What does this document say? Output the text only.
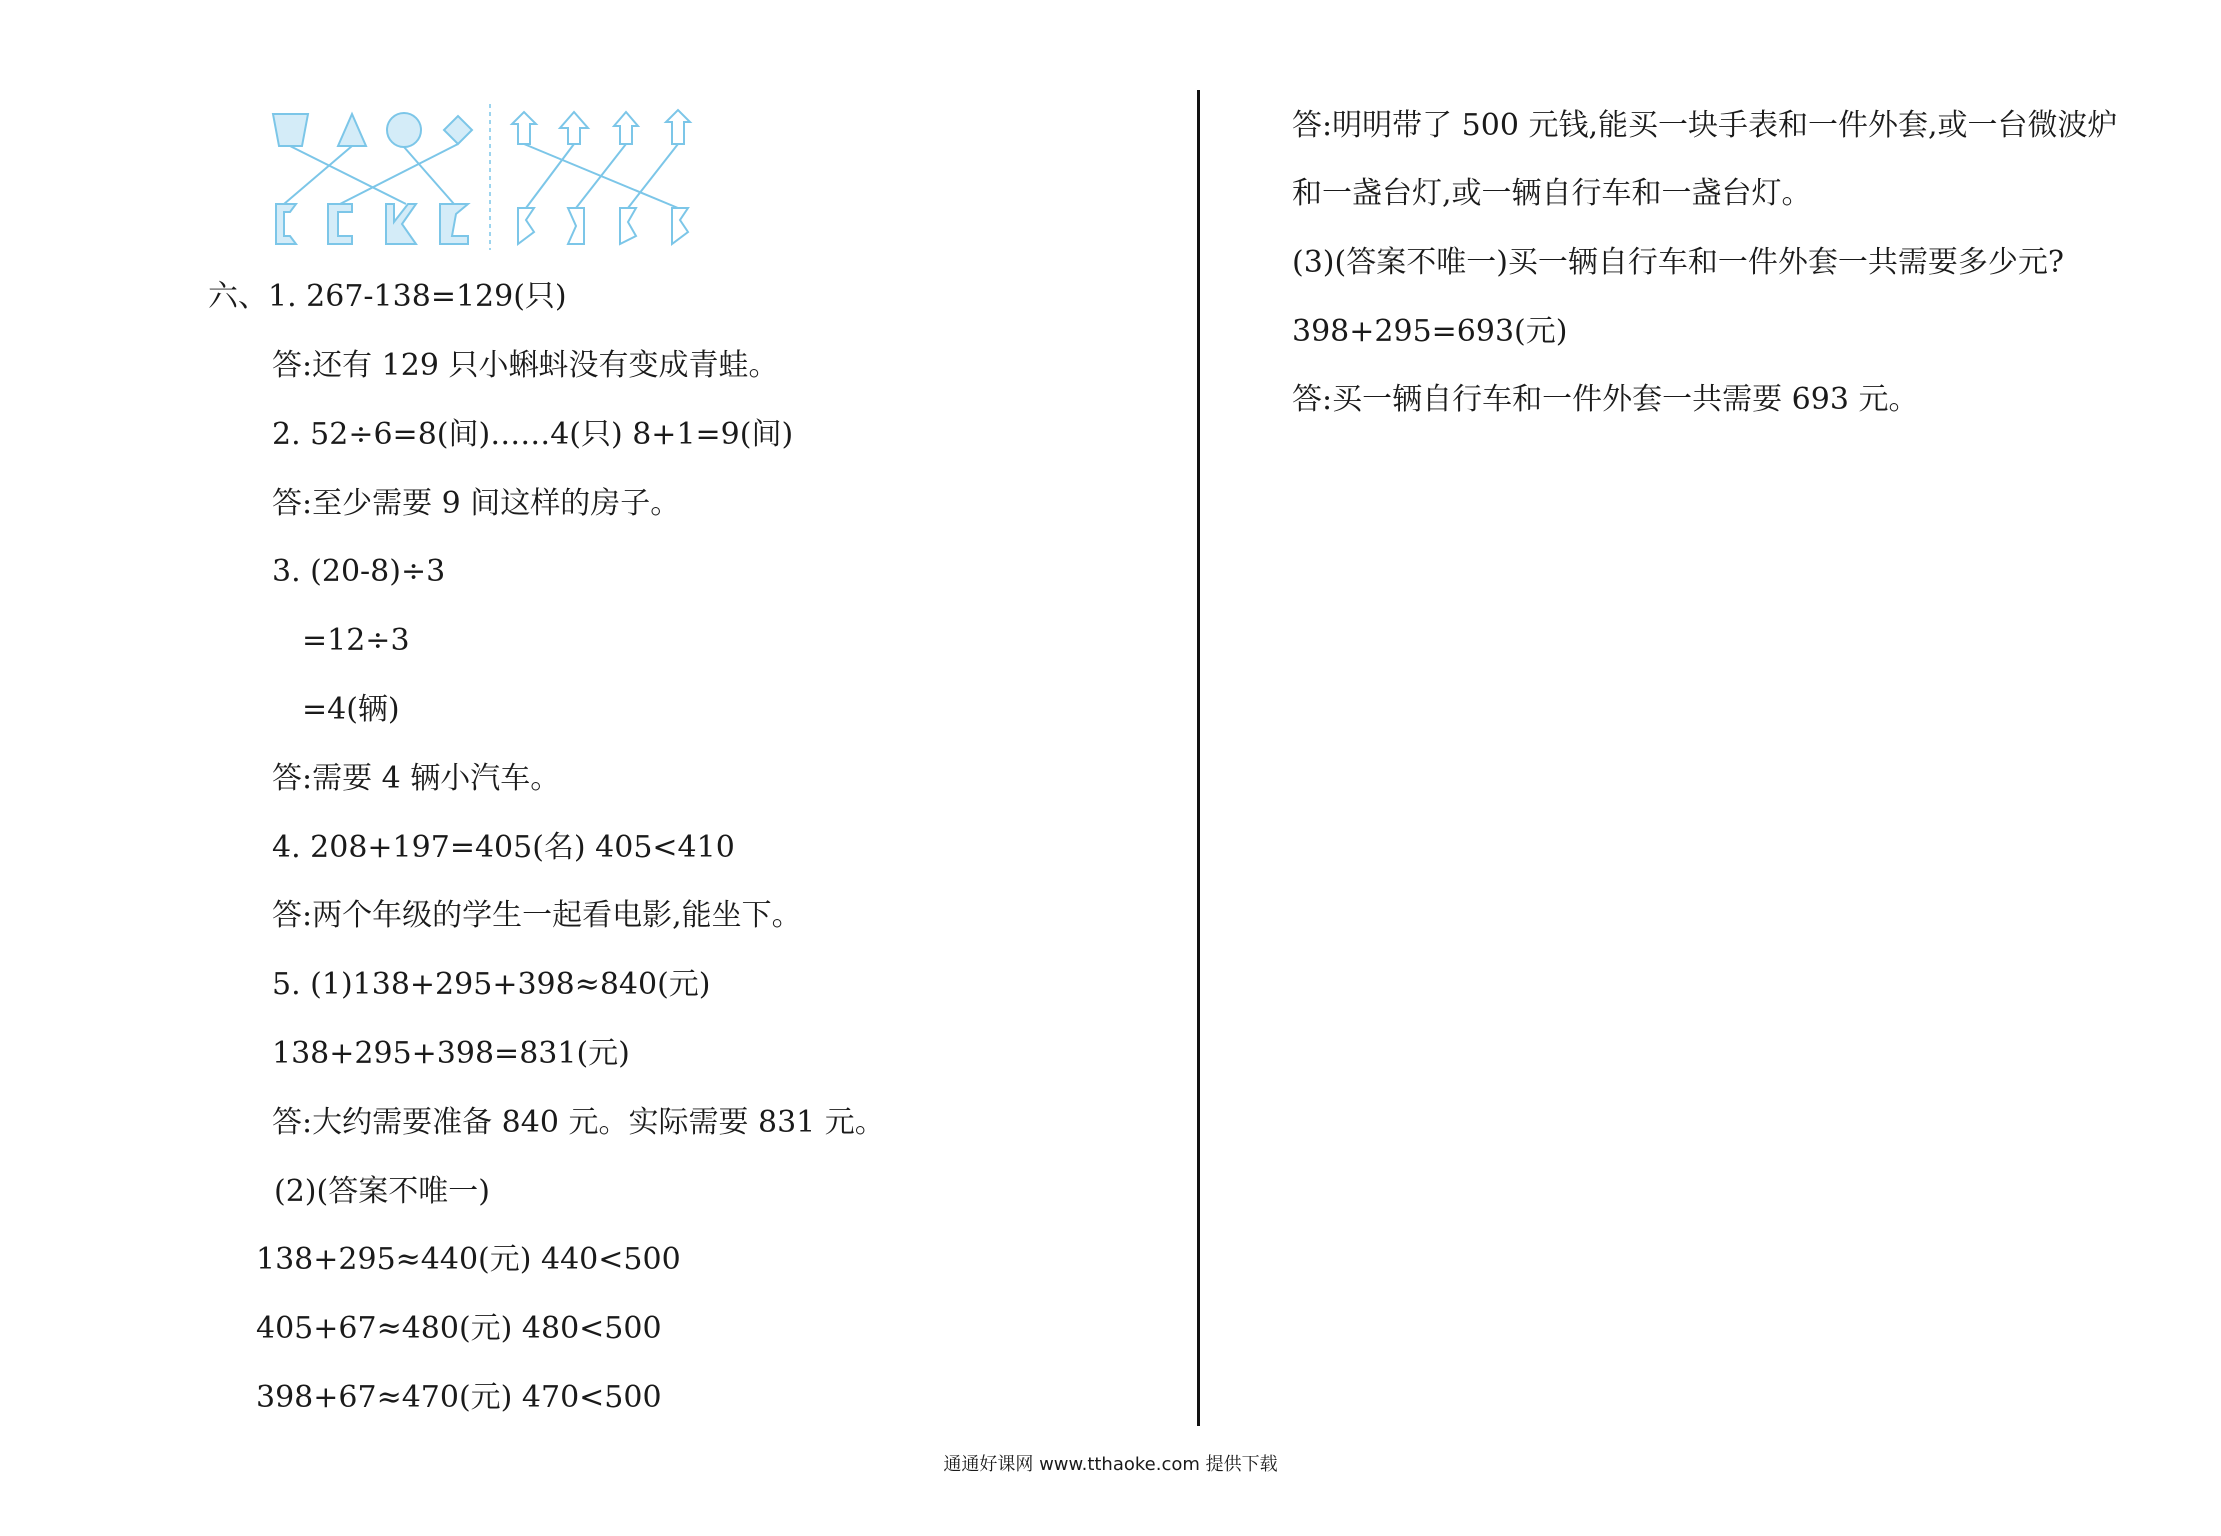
六、1. 267-138=129(只)
答:还有 129 只小蝌蚪没有变成青蛙。
2. 52÷6=8(间)……4(只) 8+1=9(间)
答:至少需要 9 间这样的房子。
3. (20-8)÷3
=12÷3
=4(辆)
答:需要 4 辆小汽车。
4. 208+197=405(名) 405<410
答:两个年级的学生一起看电影,能坐下。
5. (1)138+295+398≈840(元)
138+295+398=831(元)
答:大约需要准备 840 元。实际需要 831 元。
(2)(答案不唯一)
138+295≈440(元) 440<500
405+67≈480(元) 480<500
398+67≈470(元) 470<500
答:明明带了 500 元钱,能买一块手表和一件外套,或一台微波炉
和一盏台灯,或一辆自行车和一盏台灯。
(3)(答案不唯一)买一辆自行车和一件外套一共需要多少元?
398+295=693(元)
答:买一辆自行车和一件外套一共需要 693 元。
通通好课网 www.tthaoke.com 提供下载
